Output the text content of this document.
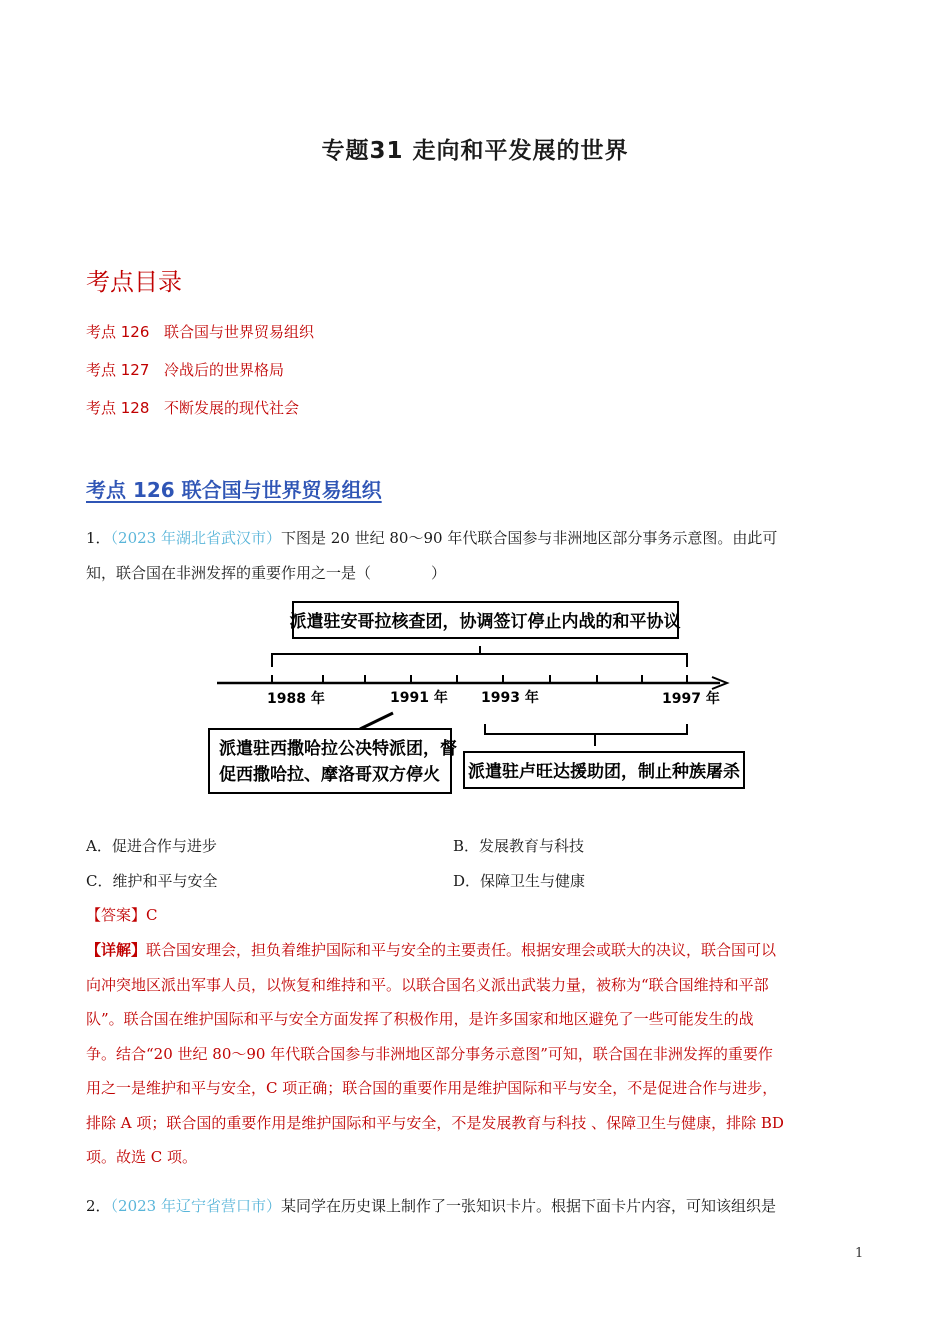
专题31 走向和平发展的世界
考点目录
考点 126 联合国与世界贸易组织
考点 127 冷战后的世界格局
考点 128 不断发展的现代社会
考点 126 联合国与世界贸易组织
1．（2023 年湖北省武汉市）下图是 20 世纪 80～90 年代联合国参与非洲地区部分事务示意图。由此可
知，联合国在非洲发挥的重要作用之一是（　　　　）
派遣驻安哥拉核查团，协调签订停止内战的和平协议
1988 年	1991 年 1993 年	1997 年
派遣驻西撒哈拉公决特派团，督
促西撒哈拉、摩洛哥双方停火 派遣驻卢旺达援助团，制止种族屠杀
A．促进合作与进步	B．发展教育与科技
C．维护和平与安全	D．保障卫生与健康
【答案】C
【详解】联合国安理会，担负着维护国际和平与安全的主要责任。根据安理会或联大的决议，联合国可以
向冲突地区派出军事人员，以恢复和维持和平。以联合国名义派出武装力量，被称为“联合国维持和平部
队”。联合国在维护国际和平与安全方面发挥了积极作用，是许多国家和地区避免了一些可能发生的战
争。结合“20 世纪 80～90 年代联合国参与非洲地区部分事务示意图”可知，联合国在非洲发挥的重要作
用之一是维护和平与安全，C 项正确；联合国的重要作用是维护国际和平与安全，不是促进合作与进步，
排除 A 项；联合国的重要作用是维护国际和平与安全，不是发展教育与科技 、保障卫生与健康，排除 BD
项。故选 C 项。
2．（2023 年辽宁省营口市）某同学在历史课上制作了一张知识卡片。根据下面卡片内容，可知该组织是
1
